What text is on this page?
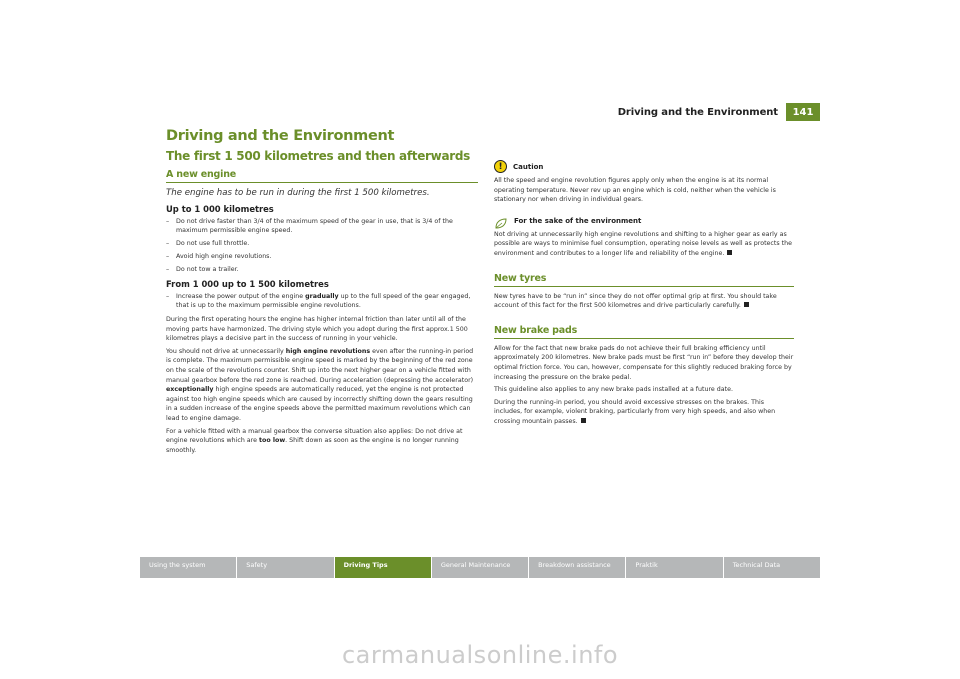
Driving and the Environment	141
Driving and the Environment
The first 1 500 kilometres and then afterwards
A new engine

The engine has to be run in during the first 1 500 kilometres.

Up to 1 000 kilometres
– Do not drive faster than 3/4 of the maximum speed of the gear in use, that is 3/4 of the maximum permissible engine speed.
– Do not use full throttle.
– Avoid high engine revolutions.
– Do not tow a trailer.
From 1 000 up to 1 500 kilometres
– Increase the power output of the engine gradually up to the full speed of the gear engaged, that is up to the maximum permissible engine revolutions.

During the first operating hours the engine has higher internal friction than later until all of the moving parts have harmonized. The driving style which you adopt during the first approx.1 500 kilometres plays a decisive part in the success of running in your vehicle.

You should not drive at unnecessarily high engine revolutions even after the running-in period is complete. The maximum permissible engine speed is marked by the beginning of the red zone on the scale of the revolutions counter. Shift up into the next higher gear on a vehicle fitted with manual gearbox before the red zone is reached. During acceleration (depressing the accelerator) exceptionally high engine speeds are automatically reduced, yet the engine is not protected against too high engine speeds which are caused by incorrectly shifting down the gears resulting in a sudden increase of the engine speeds above the permitted maximum revolutions which can lead to engine damage.

For a vehicle fitted with a manual gearbox the converse situation also applies: Do not drive at engine revolutions which are too low. Shift down as soon as the engine is no longer running smoothly.

!	Caution

All the speed and engine revolution figures apply only when the engine is at its normal operating temperature. Never rev up an engine which is cold, neither when the vehicle is stationary nor when driving in individual gears.

For the sake of the environment

Not driving at unnecessarily high engine revolutions and shifting to a higher gear as early as possible are ways to minimise fuel consumption, operating noise levels as well as protects the environment and contributes to a longer life and reliability of the engine.

New tyres

New tyres have to be “run in” since they do not offer optimal grip at first. You should take account of this fact for the first 500 kilometres and drive particularly carefully.

New brake pads

Allow for the fact that new brake pads do not achieve their full braking efficiency until approximately 200 kilometres. New brake pads must be first “run in” before they develop their optimal friction force. You can, however, compensate for this slightly reduced braking force by increasing the pressure on the brake pedal.

This guideline also applies to any new brake pads installed at a future date.

During the running-in period, you should avoid excessive stresses on the brakes. This includes, for example, violent braking, particularly from very high speeds, and also when crossing mountain passes.

Using the system	Safety	Driving Tips	General Maintenance	Breakdown assistance	Praktik	Technical Data
carmanualsonline.info
